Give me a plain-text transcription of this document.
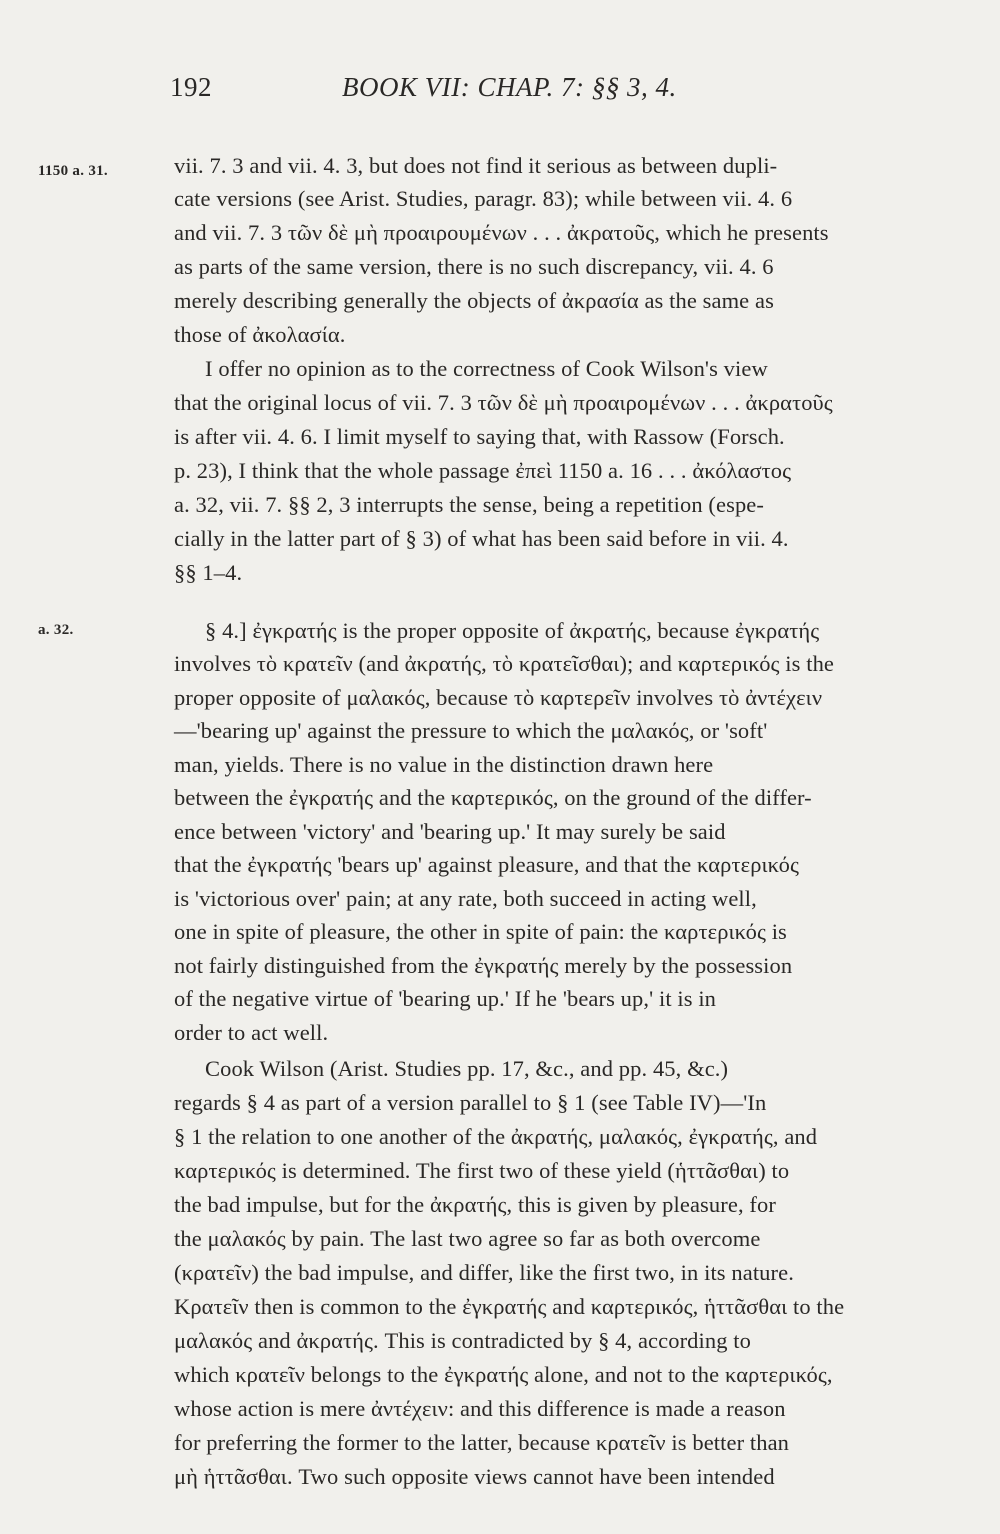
192	BOOK VII: CHAP. 7: §§ 3, 4.
1150 a. 31.
a. 32.
vii. 7. 3 and vii. 4. 3, but does not find it serious as between dupli-
cate versions (see Arist. Studies, paragr. 83); while between vii. 4. 6
and vii. 7. 3 τῶν δὲ μὴ προαιρουμένων . . . ἀκρατοῦς, which he presents
as parts of the same version, there is no such discrepancy, vii. 4. 6
merely describing generally the objects of ἀκρασία as the same as
those of ἀκολασία.
I offer no opinion as to the correctness of Cook Wilson's view
that the original locus of vii. 7. 3 τῶν δὲ μὴ προαιρομένων . . . ἀκρατοῦς
is after vii. 4. 6. I limit myself to saying that, with Rassow (Forsch.
p. 23), I think that the whole passage ἐπεὶ 1150 a. 16 . . . ἀκόλαστος
a. 32, vii. 7. §§ 2, 3 interrupts the sense, being a repetition (espe-
cially in the latter part of § 3) of what has been said before in vii. 4.
§§ 1–4.
§ 4.] ἐγκρατής is the proper opposite of ἀκρατής, because ἐγκρατής
involves τὸ κρατεῖν (and ἀκρατής, τὸ κρατεῖσθαι); and καρτερικός is the
proper opposite of μαλακός, because τὸ καρτερεῖν involves τὸ ἀντέχειν
—'bearing up' against the pressure to which the μαλακός, or 'soft'
man, yields. There is no value in the distinction drawn here
between the ἐγκρατής and the καρτερικός, on the ground of the differ-
ence between 'victory' and 'bearing up.' It may surely be said
that the ἐγκρατής 'bears up' against pleasure, and that the καρτερικός
is 'victorious over' pain; at any rate, both succeed in acting well,
one in spite of pleasure, the other in spite of pain: the καρτερικός is
not fairly distinguished from the ἐγκρατής merely by the possession
of the negative virtue of 'bearing up.' If he 'bears up,' it is in
order to act well.
Cook Wilson (Arist. Studies pp. 17, &c., and pp. 45, &c.)
regards § 4 as part of a version parallel to § 1 (see Table IV)—'In
§ 1 the relation to one another of the ἀκρατής, μαλακός, ἐγκρατής, and
καρτερικός is determined. The first two of these yield (ἡττᾶσθαι) to
the bad impulse, but for the ἀκρατής, this is given by pleasure, for
the μαλακός by pain. The last two agree so far as both overcome
(κρατεῖν) the bad impulse, and differ, like the first two, in its nature.
Κρατεῖν then is common to the ἐγκρατής and καρτερικός, ἡττᾶσθαι to the
μαλακός and ἀκρατής. This is contradicted by § 4, according to
which κρατεῖν belongs to the ἐγκρατής alone, and not to the καρτερικός,
whose action is mere ἀντέχειν: and this difference is made a reason
for preferring the former to the latter, because κρατεῖν is better than
μὴ ἡττᾶσθαι. Two such opposite views cannot have been intended
